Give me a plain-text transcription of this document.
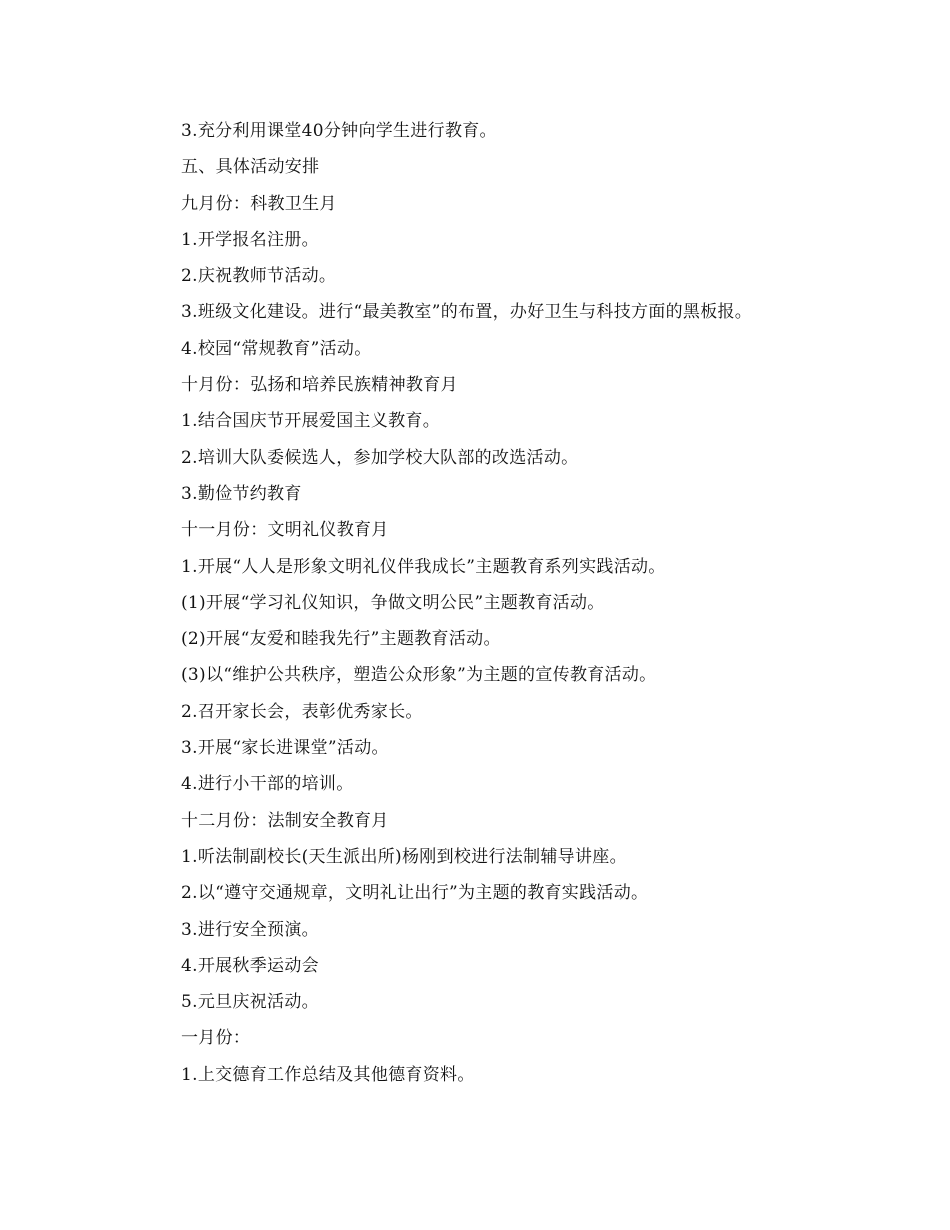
3.充分利用课堂40分钟向学生进行教育。
五、具体活动安排
九月份：科教卫生月
1.开学报名注册。
2.庆祝教师节活动。
3.班级文化建设。进行“最美教室”的布置，办好卫生与科技方面的黑板报。
4.校园“常规教育”活动。
十月份：弘扬和培养民族精神教育月
1.结合国庆节开展爱国主义教育。
2.培训大队委候选人，参加学校大队部的改选活动。
3.勤俭节约教育
十一月份：文明礼仪教育月
1.开展“人人是形象文明礼仪伴我成长”主题教育系列实践活动。
(1)开展“学习礼仪知识，争做文明公民”主题教育活动。
(2)开展“友爱和睦我先行”主题教育活动。
(3)以“维护公共秩序，塑造公众形象”为主题的宣传教育活动。
2.召开家长会，表彰优秀家长。
3.开展“家长进课堂”活动。
4.进行小干部的培训。
十二月份：法制安全教育月
1.听法制副校长(天生派出所)杨刚到校进行法制辅导讲座。
2.以“遵守交通规章，文明礼让出行”为主题的教育实践活动。
3.进行安全预演。
4.开展秋季运动会
5.元旦庆祝活动。
一月份：
1.上交德育工作总结及其他德育资料。
